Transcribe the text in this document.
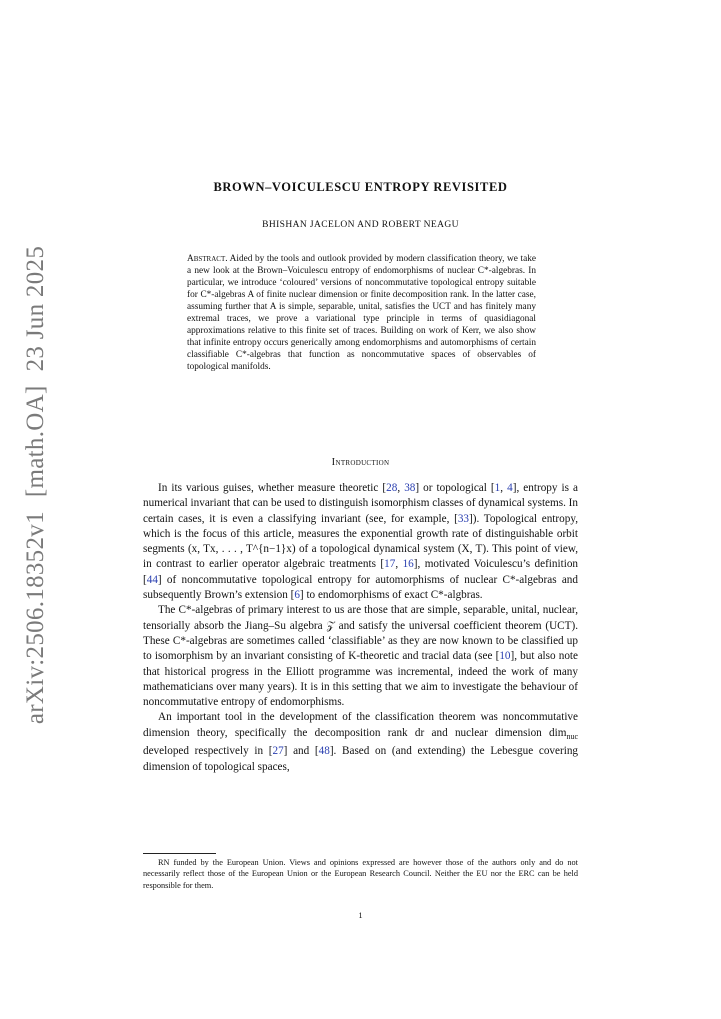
arXiv:2506.18352v1[math.OA]23 Jun 2025
BROWN–VOICULESCU ENTROPY REVISITED
BHISHAN JACELON AND ROBERT NEAGU
Abstract. Aided by the tools and outlook provided by modern classification theory, we take a new look at the Brown–Voiculescu entropy of endomorphisms of nuclear C*-algebras. In particular, we introduce ‘coloured’ versions of noncommutative topological entropy suitable for C*-algebras A of finite nuclear dimension or finite decomposition rank. In the latter case, assuming further that A is simple, separable, unital, satisfies the UCT and has finitely many extremal traces, we prove a variational type principle in terms of quasidiagonal approximations relative to this finite set of traces. Building on work of Kerr, we also show that infinite entropy occurs generically among endomorphisms and automorphisms of certain classifiable C*-algebras that function as noncommutative spaces of observables of topological manifolds.
Introduction

In its various guises, whether measure theoretic [28, 38] or topological [1, 4], entropy is a numerical invariant that can be used to distinguish isomorphism classes of dynamical systems. In certain cases, it is even a classifying invariant (see, for example, [33]). Topological entropy, which is the focus of this article, measures the exponential growth rate of distinguishable orbit segments (x, Tx, . . . , T^{n−1}x) of a topological dynamical system (X, T). This point of view, in contrast to earlier operator algebraic treatments [17, 16], motivated Voiculescu’s definition [44] of noncommutative topological entropy for automorphisms of nuclear C*-algebras and subsequently Brown’s extension [6] to endomorphisms of exact C*-algbras.

The C*-algebras of primary interest to us are those that are simple, separable, unital, nuclear, tensorially absorb the Jiang–Su algebra 𝒵 and satisfy the universal coefficient theorem (UCT). These C*-algebras are sometimes called ‘classifiable’ as they are now known to be classified up to isomorphism by an invariant consisting of K-theoretic and tracial data (see [10], but also note that historical progress in the Elliott programme was incremental, indeed the work of many mathematicians over many years). It is in this setting that we aim to investigate the behaviour of noncommutative entropy of endomorphisms.

An important tool in the development of the classification theorem was noncommutative dimension theory, specifically the decomposition rank dr and nuclear dimension dim$_{nuc}$ developed respectively in [27] and [48]. Based on (and extending) the Lebesgue covering dimension of topological spaces,

RN funded by the European Union. Views and opinions expressed are however those of the authors only and do not necessarily reflect those of the European Union or the European Research Council. Neither the EU nor the ERC can be held responsible for them.

1
